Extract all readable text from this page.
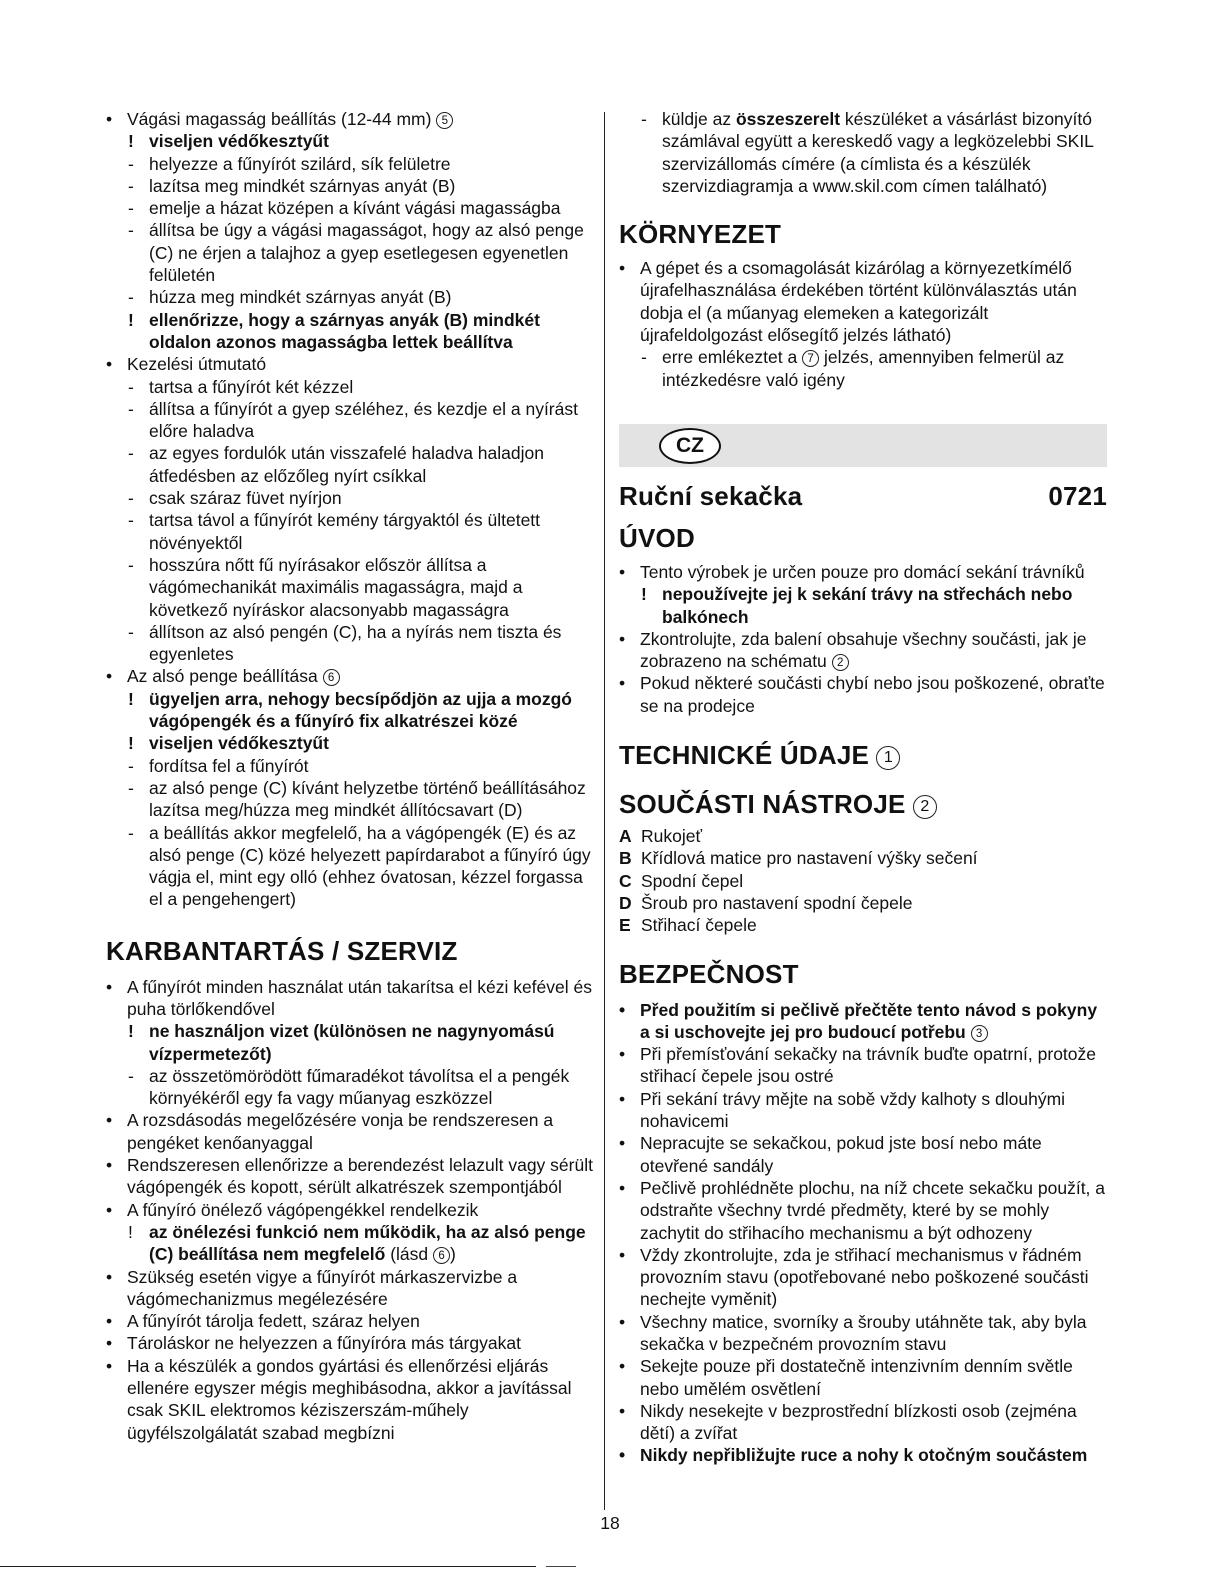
• Vágási magasság beállítás (12-44 mm) 5
! viseljen védőkesztyűt
- helyezze a fűnyírót szilárd, sík felületre
- lazítsa meg mindkét szárnyas anyát (B)
- emelje a házat középen a kívánt vágási magasságba
- állítsa be úgy a vágási magasságot, hogy az alsó penge (C) ne érjen a talajhoz a gyep esetlegesen egyenetlen felületén
- húzza meg mindkét szárnyas anyát (B)
! ellenőrizze, hogy a szárnyas anyák (B) mindkét oldalon azonos magasságba lettek beállítva
• Kezelési útmutató
- tartsa a fűnyírót két kézzel
- állítsa a fűnyírót a gyep széléhez, és kezdje el a nyírást előre haladva
- az egyes fordulók után visszafelé haladva haladjon átfedésben az előzőleg nyírt csíkkal
- csak száraz füvet nyírjon
- tartsa távol a fűnyírót kemény tárgyaktól és ültetett növényektől
- hosszúra nőtt fű nyírásakor először állítsa a vágómechanikát maximális magasságra, majd a következő nyíráskor alacsonyabb magasságra
- állítson az alsó pengén (C), ha a nyírás nem tiszta és egyenletes
• Az alsó penge beállítása 6
! ügyeljen arra, nehogy becsípődjön az ujja a mozgó vágópengék és a fűnyíró fix alkatrészei közé
! viseljen védőkesztyűt
- fordítsa fel a fűnyírót
- az alsó penge (C) kívánt helyzetbe történő beállításához lazítsa meg/húzza meg mindkét állítócsavart (D)
- a beállítás akkor megfelelő, ha a vágópengék (E) és az alsó penge (C) közé helyezett papírdarabot a fűnyíró úgy vágja el, mint egy olló (ehhez óvatosan, kézzel forgassa el a pengehengert)
KARBANTARTÁS / SZERVIZ
• A fűnyírót minden használat után takarítsa el kézi kefével és puha törlőkendővel
! ne használjon vizet (különösen ne nagynyomású vízpermetezőt)
- az összetömörödött fűmaradékot távolítsa el a pengék környékéről egy fa vagy műanyag eszközzel
• A rozsdásodás megelőzésére vonja be rendszeresen a pengéket kenőanyaggal
• Rendszeresen ellenőrizze a berendezést lelazult vagy sérült vágópengék és kopott, sérült alkatrészek szempontjából
• A fűnyíró önélező vágópengékkel rendelkezik
! az önélezési funkció nem működik, ha az alsó penge (C) beállítása nem megfelelő (lásd 6 )
• Szükség esetén vigye a fűnyírót márkaszervizbe a vágómechanizmus megélezésére
• A fűnyírót tárolja fedett, száraz helyen
• Tároláskor ne helyezzen a fűnyíróra más tárgyakat
• Ha a készülék a gondos gyártási és ellenőrzési eljárás ellenére egyszer mégis meghibásodna, akkor a javítással csak SKIL elektromos kéziszerszám-műhely ügyfélszolgálatát szabad megbízni
- küldje az összeszerelt készüléket a vásárlást bizonyító számlával együtt a kereskedő vagy a legközelebbi SKIL szervizállomás címére (a címlista és a készülék szervizdiagramja a www.skil.com címen található)
KÖRNYEZET
• A gépet és a csomagolását kizárólag a környezetkímélő újrafelhasználása érdekében történt különválasztás után dobja el (a műanyag elemeken a kategorizált újrafeldolgozást elősegítő jelzés látható)
- erre emlékeztet a 7 jelzés, amennyiben felmerül az intézkedésre való igény
CZ
Ruční sekačka	0721
ÚVOD
• Tento výrobek je určen pouze pro domácí sekání trávníků
! nepoužívejte jej k sekání trávy na střechách nebo balkónech
• Zkontrolujte, zda balení obsahuje všechny součásti, jak je zobrazeno na schématu 2
• Pokud některé součásti chybí nebo jsou poškozené, obraťte se na prodejce
TECHNICKÉ ÚDAJE 1
SOUČÁSTI NÁSTROJE 2
A Rukojeť
B Křídlová matice pro nastavení výšky sečení
C Spodní čepel
D Šroub pro nastavení spodní čepele
E Střihací čepele
BEZPEČNOST
• Před použitím si pečlivě přečtěte tento návod s pokyny a si uschovejte jej pro budoucí potřebu 3
• Při přemísťování sekačky na trávník buďte opatrní, protože střihací čepele jsou ostré
• Při sekání trávy mějte na sobě vždy kalhoty s dlouhými nohavicemi
• Nepracujte se sekačkou, pokud jste bosí nebo máte otevřené sandály
• Pečlivě prohlédněte plochu, na níž chcete sekačku použít, a odstraňte všechny tvrdé předměty, které by se mohly zachytit do střihacího mechanismu a být odhozeny
• Vždy zkontrolujte, zda je střihací mechanismus v řádném provozním stavu (opotřebované nebo poškozené součásti nechejte vyměnit)
• Všechny matice, svorníky a šrouby utáhněte tak, aby byla sekačka v bezpečném provozním stavu
• Sekejte pouze při dostatečně intenzivním denním světle nebo umělém osvětlení
• Nikdy nesekejte v bezprostřední blízkosti osob (zejména dětí) a zvířat
• Nikdy nepřibližujte ruce a nohy k otočným součástem
18
